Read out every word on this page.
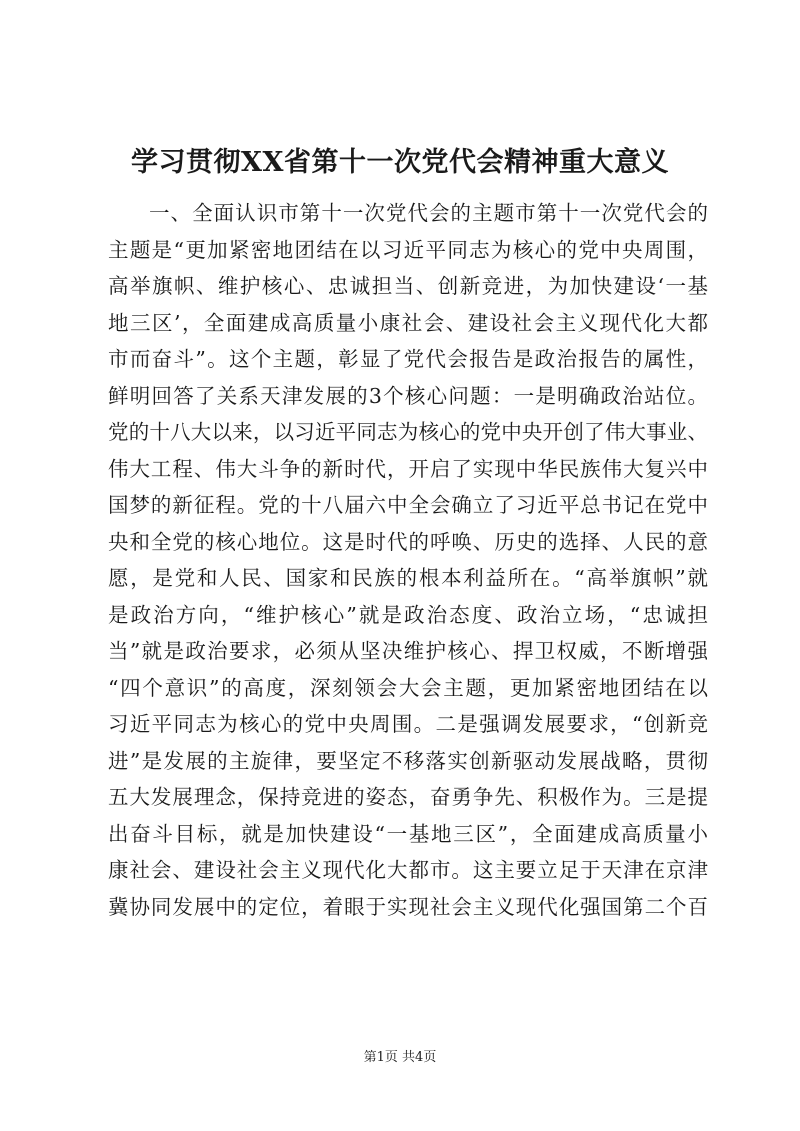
学习贯彻XX省第十一次党代会精神重大意义
一、全面认识市第十一次党代会的主题市第十一次党代会的
主题是“更加紧密地团结在以习近平同志为核心的党中央周围，
高举旗帜、维护核心、忠诚担当、创新竞进，为加快建设‘一基
地三区’，全面建成高质量小康社会、建设社会主义现代化大都
市而奋斗”。这个主题，彰显了党代会报告是政治报告的属性，
鲜明回答了关系天津发展的3个核心问题：一是明确政治站位。
党的十八大以来，以习近平同志为核心的党中央开创了伟大事业、
伟大工程、伟大斗争的新时代，开启了实现中华民族伟大复兴中
国梦的新征程。党的十八届六中全会确立了习近平总书记在党中
央和全党的核心地位。这是时代的呼唤、历史的选择、人民的意
愿，是党和人民、国家和民族的根本利益所在。“高举旗帜”就
是政治方向，“维护核心”就是政治态度、政治立场，“忠诚担
当”就是政治要求，必须从坚决维护核心、捍卫权威，不断增强
“四个意识”的高度，深刻领会大会主题，更加紧密地团结在以
习近平同志为核心的党中央周围。二是强调发展要求，“创新竞
进”是发展的主旋律，要坚定不移落实创新驱动发展战略，贯彻
五大发展理念，保持竞进的姿态，奋勇争先、积极作为。三是提
出奋斗目标，就是加快建设“一基地三区”，全面建成高质量小
康社会、建设社会主义现代化大都市。这主要立足于天津在京津
冀协同发展中的定位，着眼于实现社会主义现代化强国第二个百
第1页 共4页
